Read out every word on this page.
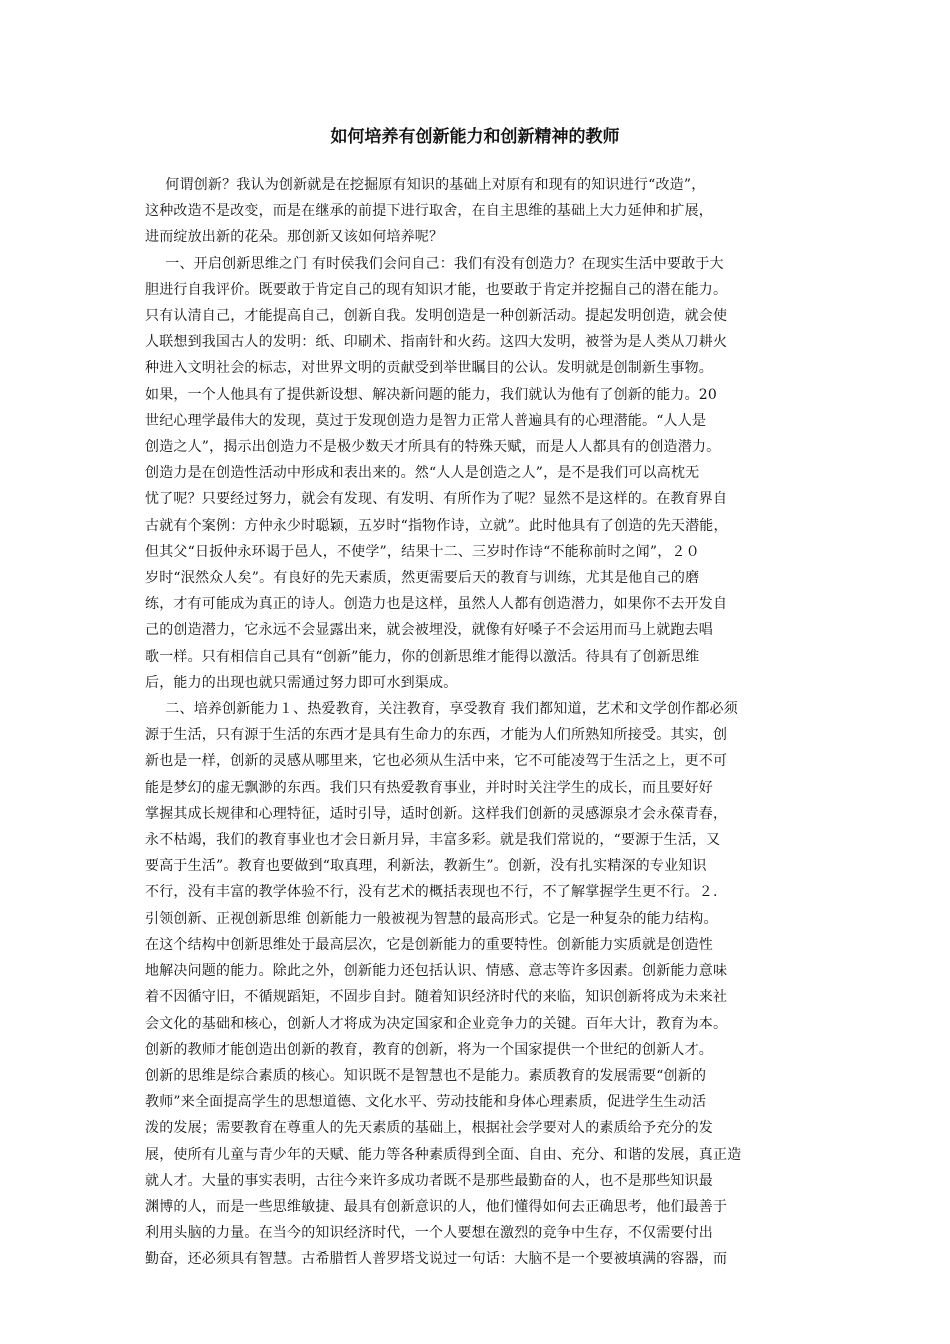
如何培养有创新能力和创新精神的教师

何谓创新？我认为创新就是在挖掘原有知识的基础上对原有和现有的知识进行“改造”，
这种改造不是改变，而是在继承的前提下进行取舍，在自主思维的基础上大力延伸和扩展，
进而绽放出新的花朵。那创新又该如何培养呢？

一、开启创新思维之门 有时侯我们会问自己：我们有没有创造力？在现实生活中要敢于大
胆进行自我评价。既要敢于肯定自己的现有知识才能，也要敢于肯定并挖掘自己的潜在能力。
只有认清自己，才能提高自己，创新自我。发明创造是一种创新活动。提起发明创造，就会使
人联想到我国古人的发明：纸、印刷术、指南针和火药。这四大发明，被誉为是人类从刀耕火
种进入文明社会的标志，对世界文明的贡献受到举世瞩目的公认。发明就是创制新生事物。
如果，一个人他具有了提供新设想、解决新问题的能力，我们就认为他有了创新的能力。20
世纪心理学最伟大的发现，莫过于发现创造力是智力正常人普遍具有的心理潜能。“人人是
创造之人”，揭示出创造力不是极少数天才所具有的特殊天赋，而是人人都具有的创造潜力。
创造力是在创造性活动中形成和表出来的。然“人人是创造之人”，是不是我们可以高枕无
忧了呢？只要经过努力，就会有发现、有发明、有所作为了呢？显然不是这样的。在教育界自
古就有个案例：方仲永少时聪颖，五岁时“指物作诗，立就”。此时他具有了创造的先天潜能，
但其父“日扳仲永环谒于邑人，不使学”，结果十二、三岁时作诗“不能称前时之闻”，２０
岁时“泯然众人矣”。有良好的先天素质，然更需要后天的教育与训练，尤其是他自己的磨
练，才有可能成为真正的诗人。创造力也是这样，虽然人人都有创造潜力，如果你不去开发自
己的创造潜力，它永远不会显露出来，就会被埋没，就像有好嗓子不会运用而马上就跑去唱
歌一样。只有相信自己具有“创新”能力，你的创新思维才能得以激活。待具有了创新思维
后，能力的出现也就只需通过努力即可水到渠成。

二、培养创新能力１、热爱教育，关注教育，享受教育 我们都知道，艺术和文学创作都必须
源于生活，只有源于生活的东西才是具有生命力的东西，才能为人们所熟知所接受。其实，创
新也是一样，创新的灵感从哪里来，它也必须从生活中来，它不可能凌驾于生活之上，更不可
能是梦幻的虚无飘渺的东西。我们只有热爱教育事业，并时时关注学生的成长，而且要好好
掌握其成长规律和心理特征，适时引导，适时创新。这样我们创新的灵感源泉才会永葆青春，
永不枯竭，我们的教育事业也才会日新月异，丰富多彩。就是我们常说的，“要源于生活，又
要高于生活”。教育也要做到“取真理，利新法，教新生”。创新，没有扎实精深的专业知识
不行，没有丰富的教学体验不行，没有艺术的概括表现也不行，不了解掌握学生更不行。２.
引领创新、正视创新思维 创新能力一般被视为智慧的最高形式。它是一种复杂的能力结构。
在这个结构中创新思维处于最高层次，它是创新能力的重要特性。创新能力实质就是创造性
地解决问题的能力。除此之外，创新能力还包括认识、情感、意志等许多因素。创新能力意味
着不因循守旧，不循规蹈矩，不固步自封。随着知识经济时代的来临，知识创新将成为未来社
会文化的基础和核心，创新人才将成为决定国家和企业竞争力的关键。百年大计，教育为本。
创新的教师才能创造出创新的教育，教育的创新，将为一个国家提供一个世纪的创新人才。
创新的思维是综合素质的核心。知识既不是智慧也不是能力。素质教育的发展需要“创新的
教师”来全面提高学生的思想道德、文化水平、劳动技能和身体心理素质，促进学生生动活
泼的发展；需要教育在尊重人的先天素质的基础上，根据社会学要对人的素质给予充分的发
展，使所有儿童与青少年的天赋、能力等各种素质得到全面、自由、充分、和谐的发展，真正造
就人才。大量的事实表明，古往今来许多成功者既不是那些最勤奋的人，也不是那些知识最
渊博的人，而是一些思维敏捷、最具有创新意识的人，他们懂得如何去正确思考，他们最善于
利用头脑的力量。在当今的知识经济时代，一个人要想在激烈的竞争中生存，不仅需要付出
勤奋，还必须具有智慧。古希腊哲人普罗塔戈说过一句话：大脑不是一个要被填满的容器，而
